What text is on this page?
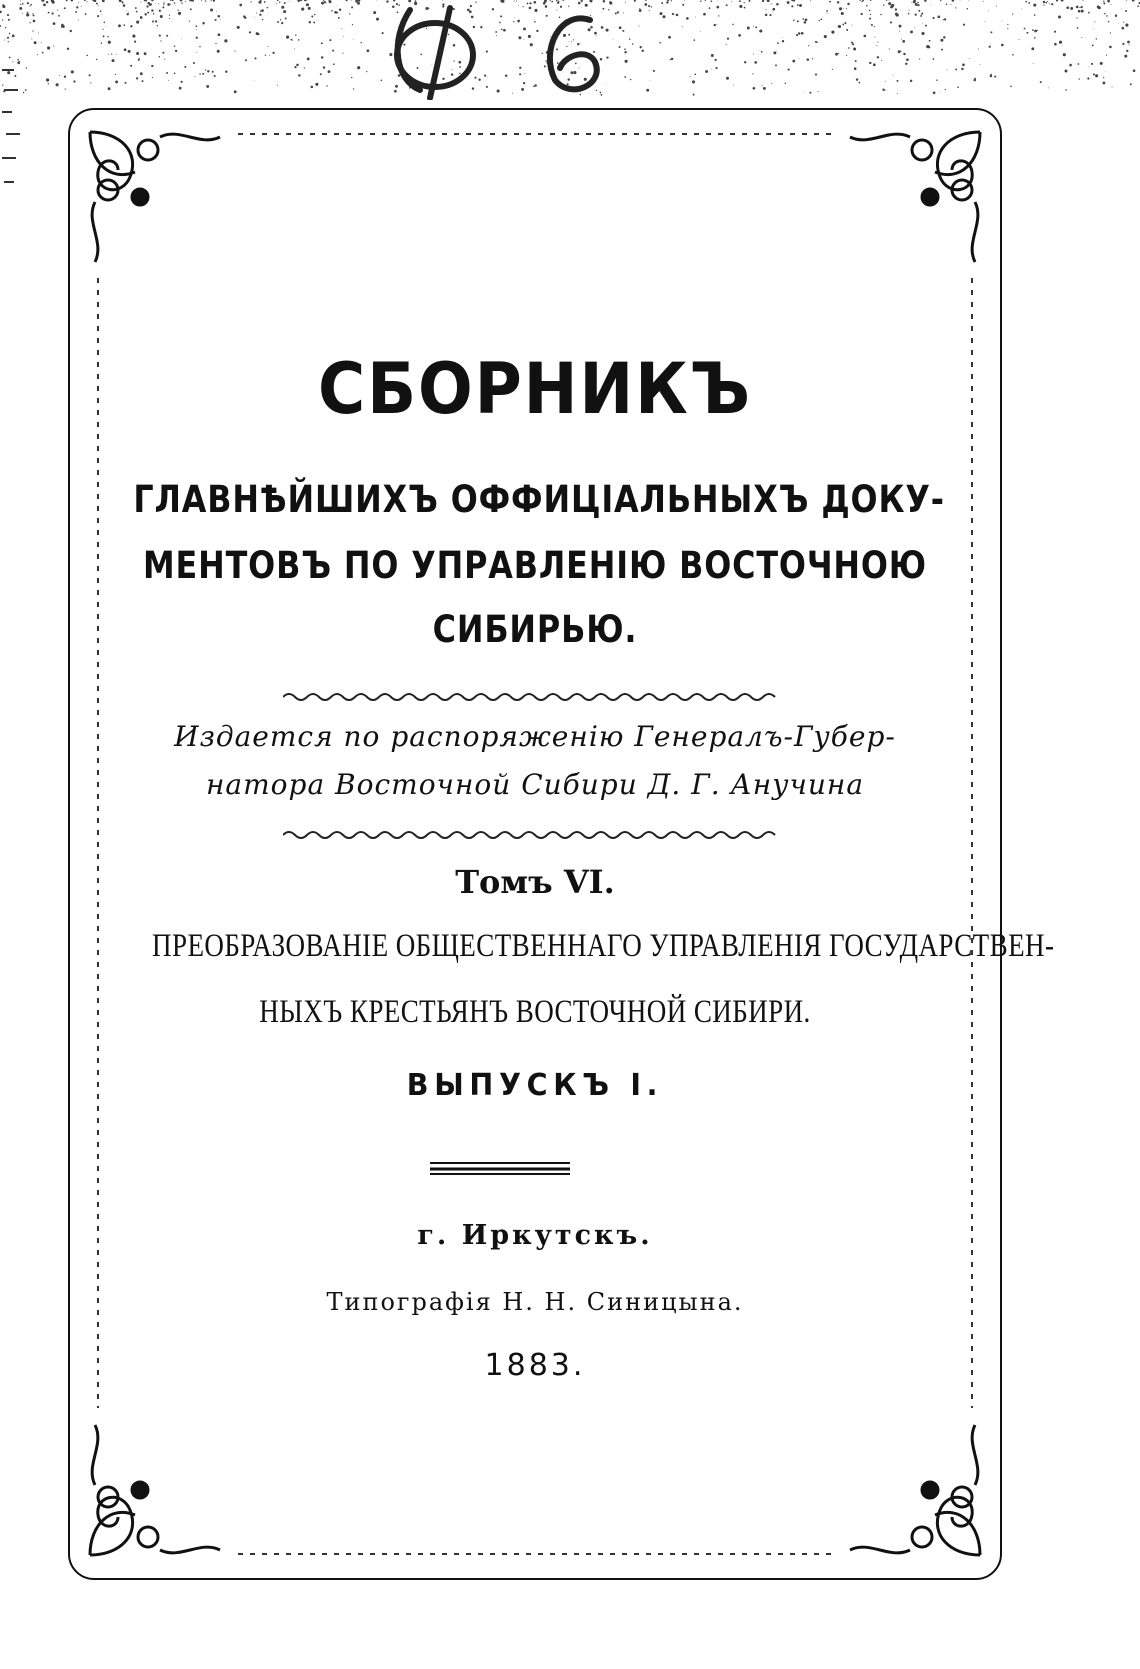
СБОРНИКЪ
ГЛАВНѢЙШИХЪ ОФФИЦІАЛЬНЫХЪ ДОКУ-
МЕНТОВЪ ПО УПРАВЛЕНІЮ ВОСТОЧНОЮ
СИБИРЬЮ.
Издается по распоряженію Генералъ-Губер-
натора Восточной Сибири Д. Г. Анучина
Томъ VI.
ПРЕОБРАЗОВАНІЕ ОБЩЕСТВЕННАГО УПРАВЛЕНІЯ ГОСУДАРСТВЕН-
НЫХЪ КРЕСТЬЯНЪ ВОСТОЧНОЙ СИБИРИ.
ВЫПУСКЪ I.
г. Иркутскъ.
Типографія Н. Н. Синицына.
1883.
